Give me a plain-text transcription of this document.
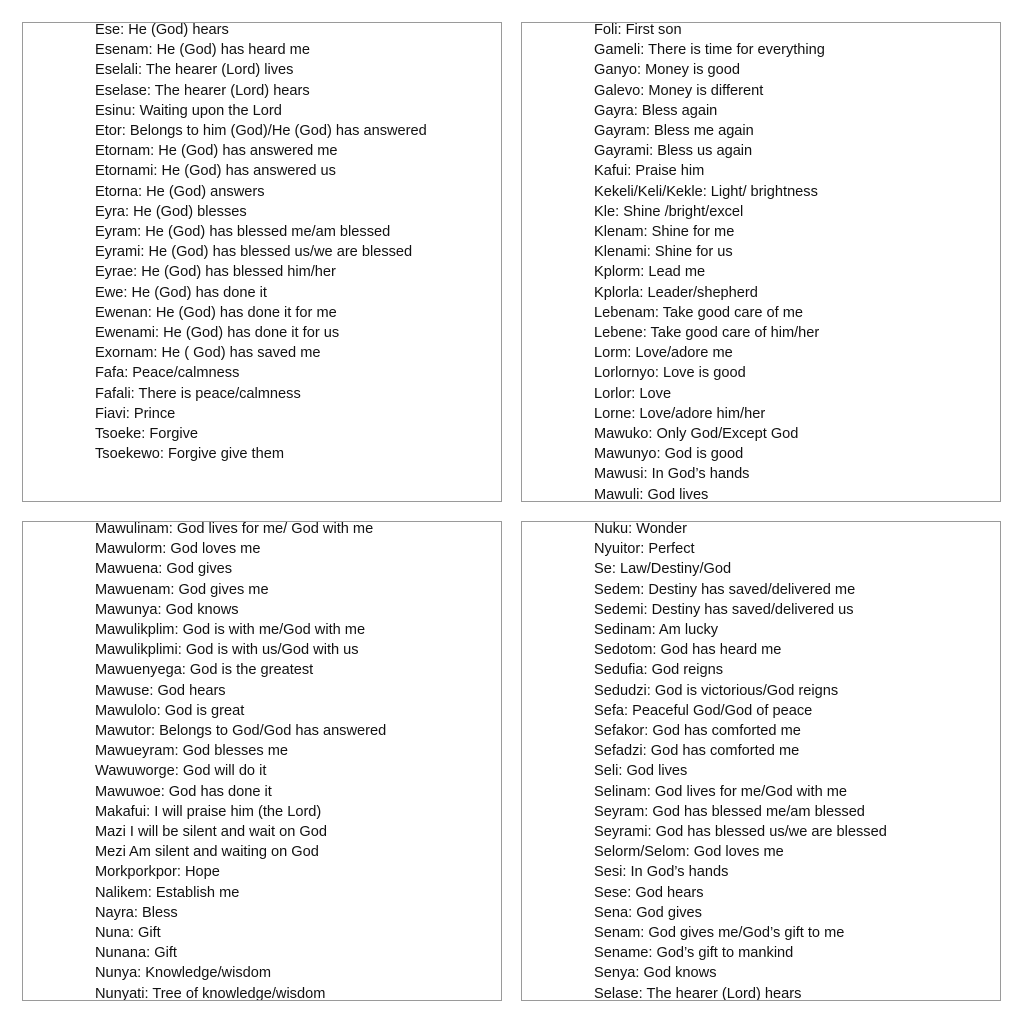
Ese: He (God) hears
Esenam: He (God) has heard me
Eselali: The hearer (Lord) lives
Eselase: The hearer (Lord) hears
Esinu: Waiting upon the Lord
Etor: Belongs to him (God)/He (God) has answered
Etornam: He (God) has answered me
Etornami: He (God) has answered us
Etorna: He (God) answers
Eyra: He (God) blesses
Eyram: He (God) has blessed me/am blessed
Eyrami: He (God) has blessed us/we are blessed
Eyrae: He (God) has blessed him/her
Ewe: He (God) has done it
Ewenan: He (God) has done it for me
Ewenami: He (God) has done it for us
Exornam: He ( God) has saved me
Fafa: Peace/calmness
Fafali: There is peace/calmness
Fiavi: Prince
Tsoeke: Forgive
Tsoekewo: Forgive give them
Foli: First son
Gameli: There is time for everything
Ganyo: Money is good
Galevo: Money is different
Gayra: Bless again
Gayram: Bless me again
Gayrami: Bless us again
Kafui: Praise him
Kekeli/Keli/Kekle: Light/ brightness
Kle: Shine /bright/excel
Klenam: Shine for me
Klenami: Shine for us
Kplorm: Lead me
Kplorla: Leader/shepherd
Lebenam: Take good care of me
Lebene: Take good care of him/her
Lorm: Love/adore me
Lorlornyo: Love is good
Lorlor: Love
Lorne: Love/adore him/her
Mawuko: Only God/Except God
Mawunyo: God is good
Mawusi: In God’s hands
Mawuli: God lives
Mawulinam: God lives for me/ God with me
Mawulorm: God loves me
Mawuena: God gives
Mawuenam: God gives me
Mawunya: God knows
Mawulikplim: God is with me/God with me
Mawulikplimi: God is with us/God with us
Mawuenyega: God is the greatest
Mawuse: God hears
Mawulolo: God is great
Mawutor: Belongs to God/God has answered
Mawueyram: God blesses me
Wawuworge: God will do it
Mawuwoe: God has done it
Makafui: I will praise him (the Lord)
Mazi I will be silent and wait on God
Mezi Am silent and waiting on God
Morkporkpor: Hope
Nalikem: Establish me
Nayra: Bless
Nuna: Gift
Nunana: Gift
Nunya: Knowledge/wisdom
Nunyati: Tree of knowledge/wisdom
Nuku: Wonder
Nyuitor: Perfect
Se: Law/Destiny/God
Sedem: Destiny has saved/delivered me
Sedemi: Destiny has saved/delivered us
Sedinam: Am lucky
Sedotom: God has heard me
Sedufia: God reigns
Sedudzi: God is victorious/God reigns
Sefa: Peaceful God/God of peace
Sefakor: God has comforted me
Sefadzi: God has comforted me
Seli: God lives
Selinam: God lives for me/God with me
Seyram: God has blessed me/am blessed
Seyrami: God has blessed us/we are blessed
Selorm/Selom: God loves me
Sesi: In God’s hands
Sese: God hears
Sena: God gives
Senam: God gives me/God’s gift to me
Sename: God’s gift to mankind
Senya: God knows
Selase: The hearer (Lord) hears
